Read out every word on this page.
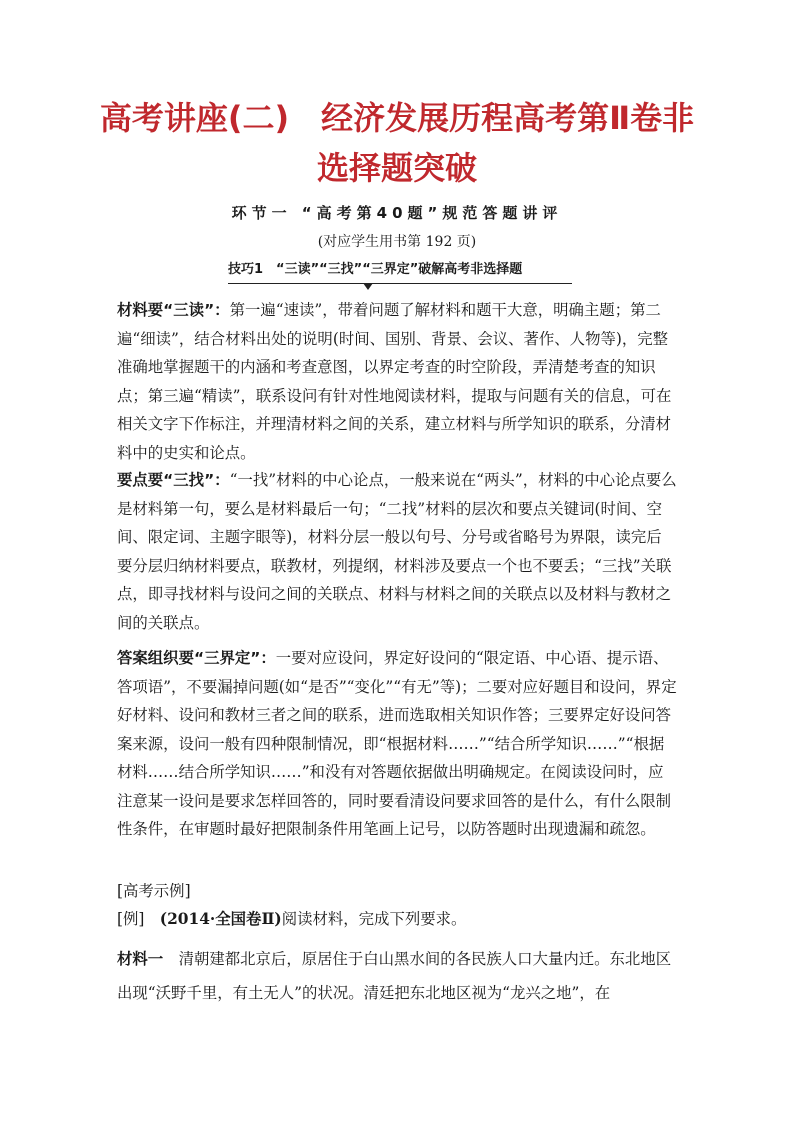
高考讲座(二)　经济发展历程高考第Ⅱ卷非
选择题突破
环节一 “高考第40题”规范答题讲评
(对应学生用书第 192 页)
技巧1　“三读”“三找”“三界定”破解高考非选择题

材料要“三读”：第一遍“速读”，带着问题了解材料和题干大意，明确主题；第二遍“细读”，结合材料出处的说明(时间、国别、背景、会议、著作、人物等)，完整准确地掌握题干的内涵和考查意图，以界定考查的时空阶段，弄清楚考查的知识点；第三遍“精读”，联系设问有针对性地阅读材料，提取与问题有关的信息，可在相关文字下作标注，并理清材料之间的关系，建立材料与所学知识的联系，分清材料中的史实和论点。

要点要“三找”：“一找”材料的中心论点，一般来说在“两头”，材料的中心论点要么是材料第一句，要么是材料最后一句；“二找”材料的层次和要点关键词(时间、空间、限定词、主题字眼等)，材料分层一般以句号、分号或省略号为界限，读完后要分层归纳材料要点，联教材，列提纲，材料涉及要点一个也不要丢；“三找”关联点，即寻找材料与设问之间的关联点、材料与材料之间的关联点以及材料与教材之间的关联点。

答案组织要“三界定”：一要对应设问，界定好设问的“限定语、中心语、提示语、答项语”，不要漏掉问题(如“是否”“变化”“有无”等)；二要对应好题目和设问，界定好材料、设问和教材三者之间的联系，进而选取相关知识作答；三要界定好设问答案来源，设问一般有四种限制情况，即“根据材料……”“结合所学知识……”“根据材料……结合所学知识……”和没有对答题依据做出明确规定。在阅读设问时，应注意某一设问是要求怎样回答的，同时要看清设问要求回答的是什么，有什么限制性条件，在审题时最好把限制条件用笔画上记号，以防答题时出现遗漏和疏忽。

[高考示例]
[例]  (2014·全国卷Ⅱ)阅读材料，完成下列要求。

材料一  清朝建都北京后，原居住于白山黑水间的各民族人口大量内迁。东北地区出现“沃野千里，有土无人”的状况。清廷把东北地区视为“龙兴之地”，在
